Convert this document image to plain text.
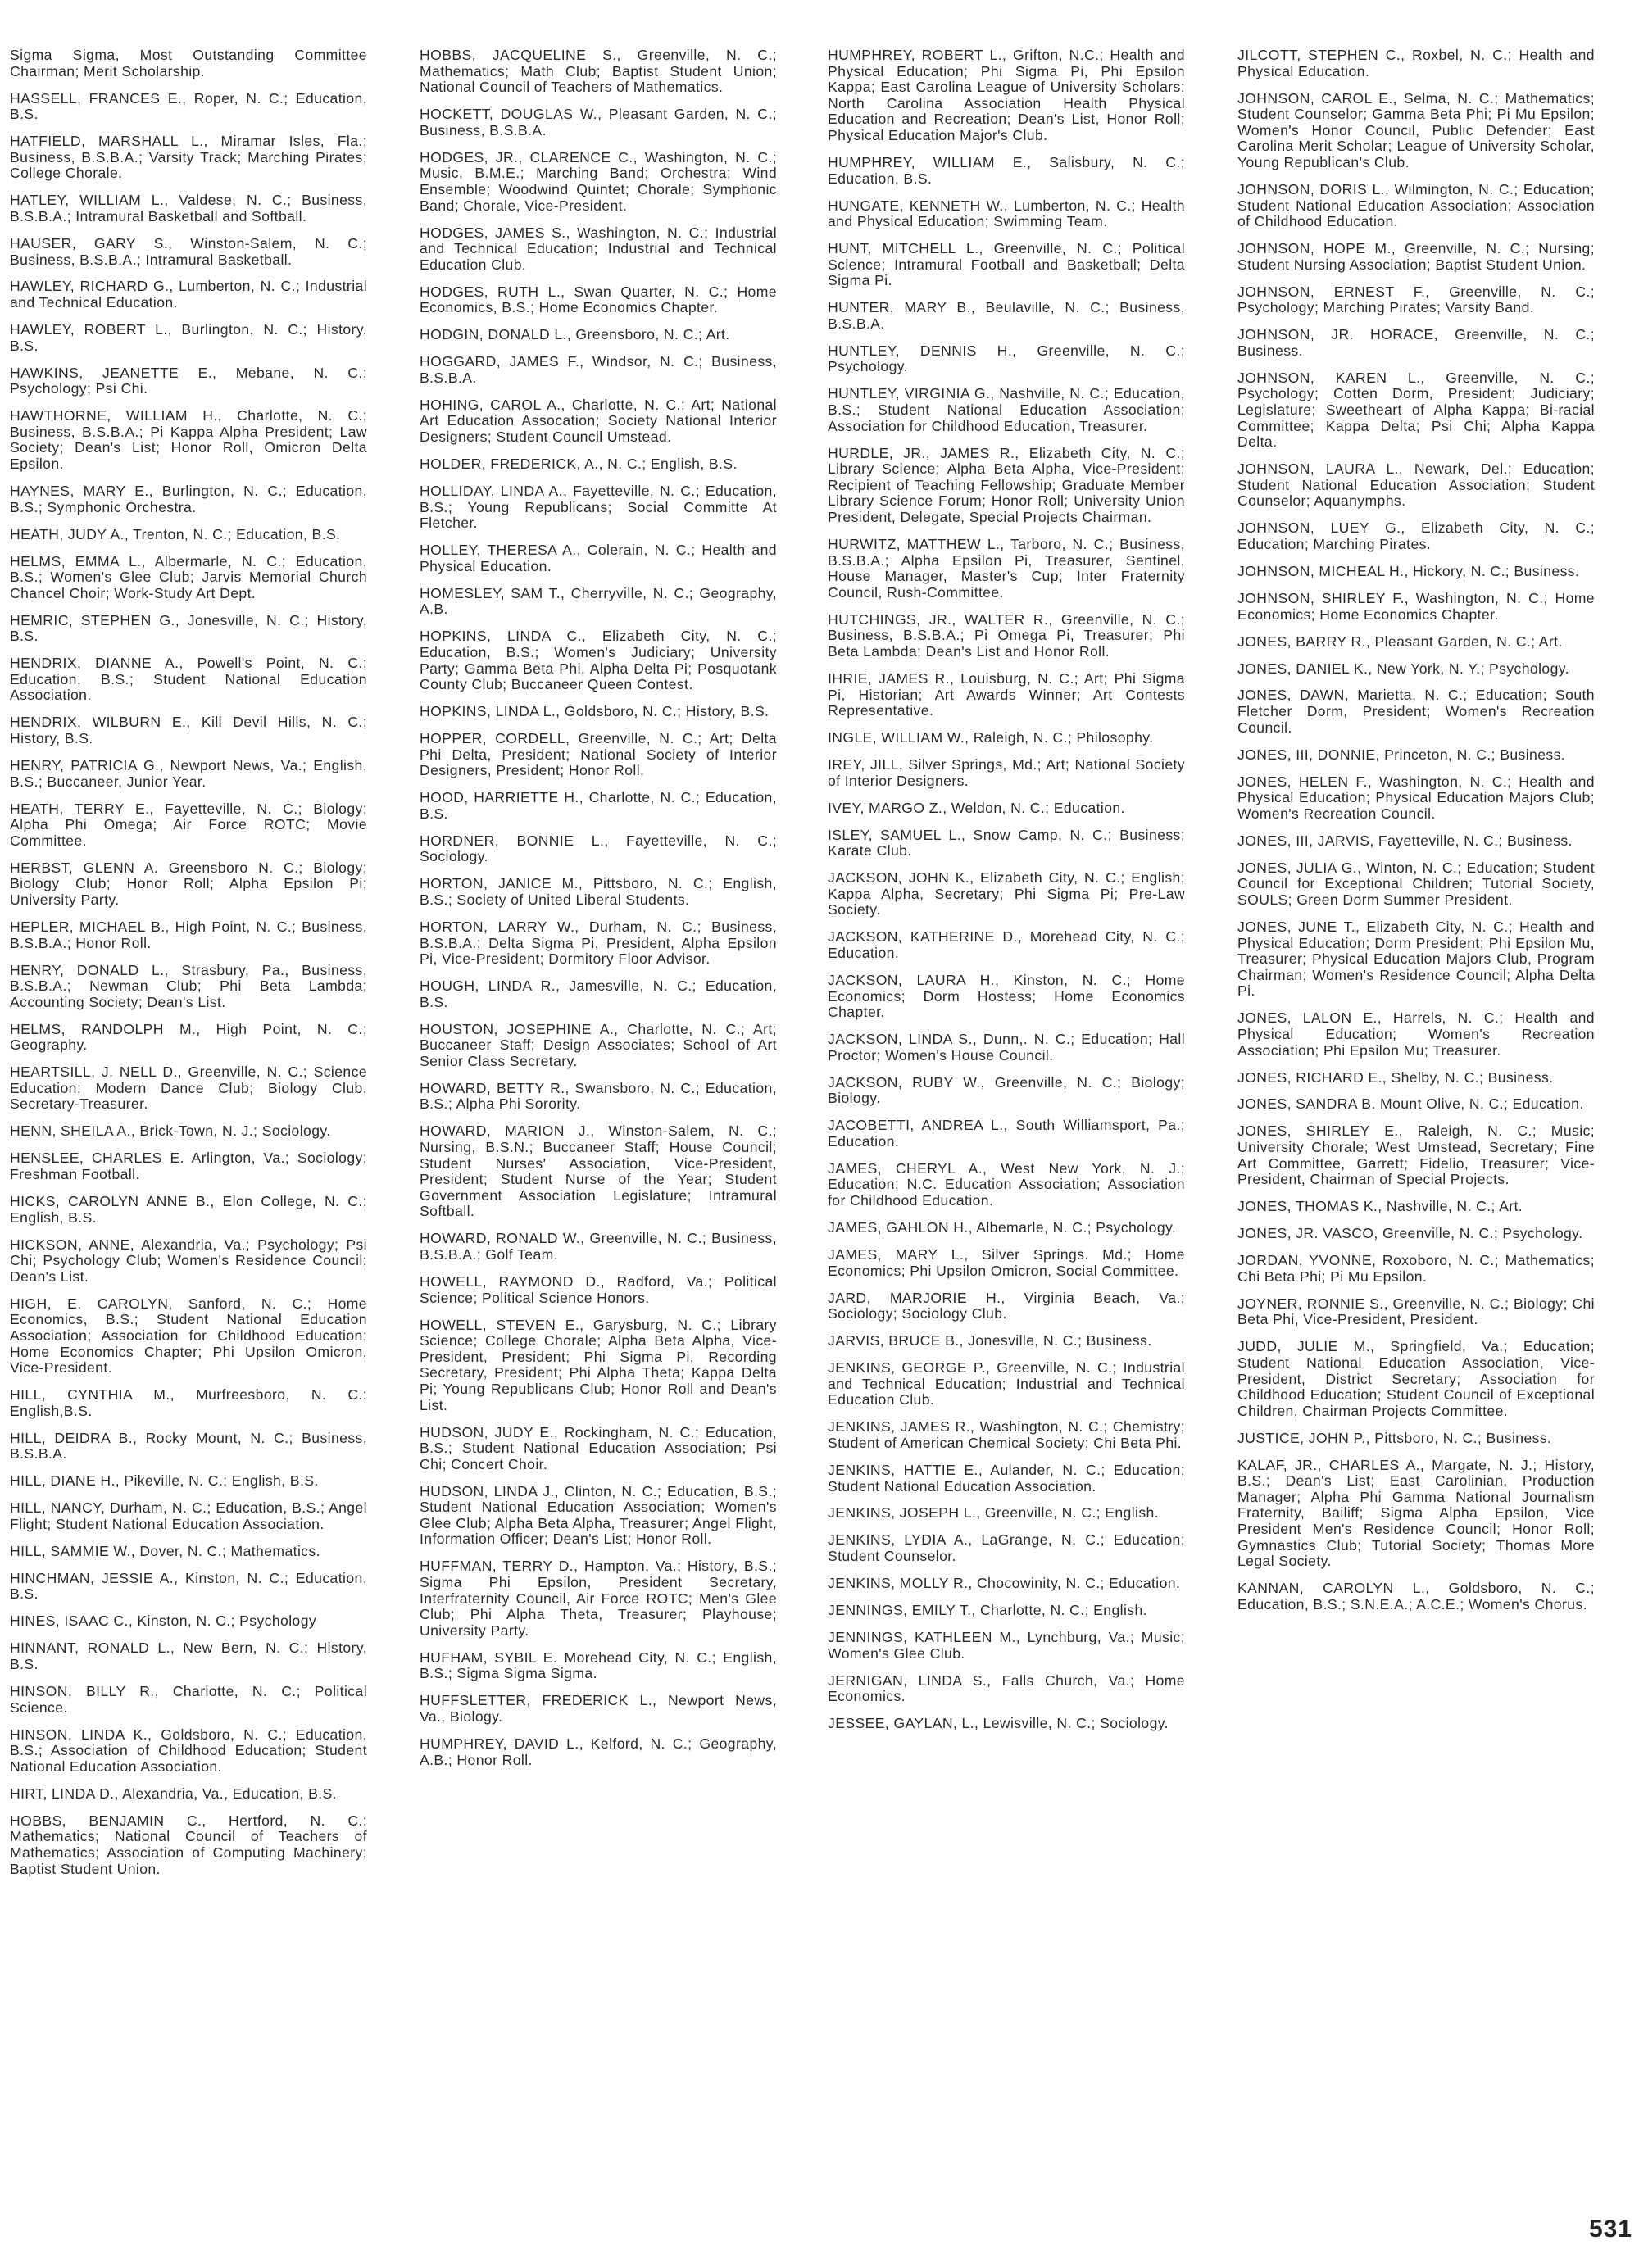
Sigma Sigma, Most Outstanding Committee Chairman; Merit Scholarship.

HASSELL, FRANCES E., Roper, N. C.; Education, B.S.

HATFIELD, MARSHALL L., Miramar Isles, Fla.; Business, B.S.B.A.; Varsity Track; Marching Pirates; College Chorale.

HATLEY, WILLIAM L., Valdese, N. C.; Business, B.S.B.A.; Intramural Basketball and Softball.

HAUSER, GARY S., Winston-Salem, N. C.; Business, B.S.B.A.; Intramural Basketball.

HAWLEY, RICHARD G., Lumberton, N. C.; Industrial and Technical Education.

HAWLEY, ROBERT L., Burlington, N. C.; History, B.S.

HAWKINS, JEANETTE E., Mebane, N. C.; Psychology; Psi Chi.

HAWTHORNE, WILLIAM H., Charlotte, N. C.; Business, B.S.B.A.; Pi Kappa Alpha President; Law Society; Dean's List; Honor Roll, Omicron Delta Epsilon.

HAYNES, MARY E., Burlington, N. C.; Education, B.S.; Symphonic Orchestra.

HEATH, JUDY A., Trenton, N. C.; Education, B.S.

HELMS, EMMA L., Albermarle, N. C.; Education, B.S.; Women's Glee Club; Jarvis Memorial Church Chancel Choir; Work-Study Art Dept.

HEMRIC, STEPHEN G., Jonesville, N. C.; History, B.S.

HENDRIX, DIANNE A., Powell's Point, N. C.; Education, B.S.; Student National Education Association.

HENDRIX, WILBURN E., Kill Devil Hills, N. C.; History, B.S.

HENRY, PATRICIA G., Newport News, Va.; English, B.S.; Buccaneer, Junior Year.

HEATH, TERRY E., Fayetteville, N. C.; Biology; Alpha Phi Omega; Air Force ROTC; Movie Committee.

HERBST, GLENN A. Greensboro N. C.; Biology; Biology Club; Honor Roll; Alpha Epsilon Pi; University Party.

HEPLER, MICHAEL B., High Point, N. C.; Business, B.S.B.A.; Honor Roll.

HENRY, DONALD L., Strasbury, Pa., Business, B.S.B.A.; Newman Club; Phi Beta Lambda; Accounting Society; Dean's List.

HELMS, RANDOLPH M., High Point, N. C.; Geography.

HEARTSILL, J. NELL D., Greenville, N. C.; Science Education; Modern Dance Club; Biology Club, Secretary-Treasurer.

HENN, SHEILA A., Brick-Town, N. J.; Sociology.

HENSLEE, CHARLES E. Arlington, Va.; Sociology; Freshman Football.

HICKS, CAROLYN ANNE B., Elon College, N. C.; English, B.S.

HICKSON, ANNE, Alexandria, Va.; Psychology; Psi Chi; Psychology Club; Women's Residence Council; Dean's List.

HIGH, E. CAROLYN, Sanford, N. C.; Home Economics, B.S.; Student National Education Association; Association for Childhood Education; Home Economics Chapter; Phi Upsilon Omicron, Vice-President.

HILL, CYNTHIA M., Murfreesboro, N. C.; English,B.S.

HILL, DEIDRA B., Rocky Mount, N. C.; Business, B.S.B.A.

HILL, DIANE H., Pikeville, N. C.; English, B.S.

HILL, NANCY, Durham, N. C.; Education, B.S.; Angel Flight; Student National Education Association.

HILL, SAMMIE W., Dover, N. C.; Mathematics.

HINCHMAN, JESSIE A., Kinston, N. C.; Education, B.S.

HINES, ISAAC C., Kinston, N. C.; Psychology

HINNANT, RONALD L., New Bern, N. C.; History, B.S.

HINSON, BILLY R., Charlotte, N. C.; Political Science.

HINSON, LINDA K., Goldsboro, N. C.; Education, B.S.; Association of Childhood Education; Student National Education Association.

HIRT, LINDA D., Alexandria, Va., Education, B.S.

HOBBS, BENJAMIN C., Hertford, N. C.; Mathematics; National Council of Teachers of Mathematics; Association of Computing Machinery; Baptist Student Union.

HOBBS, JACQUELINE S., Greenville, N. C.; Mathematics; Math Club; Baptist Student Union; National Council of Teachers of Mathematics.

HOCKETT, DOUGLAS W., Pleasant Garden, N. C.; Business, B.S.B.A.

HODGES, JR., CLARENCE C., Washington, N. C.; Music, B.M.E.; Marching Band; Orchestra; Wind Ensemble; Woodwind Quintet; Chorale; Symphonic Band; Chorale, Vice-President.

HODGES, JAMES S., Washington, N. C.; Industrial and Technical Education; Industrial and Technical Education Club.

HODGES, RUTH L., Swan Quarter, N. C.; Home Economics, B.S.; Home Economics Chapter.

HODGIN, DONALD L., Greensboro, N. C.; Art.

HOGGARD, JAMES F., Windsor, N. C.; Business, B.S.B.A.

HOHING, CAROL A., Charlotte, N. C.; Art; National Art Education Assocation; Society National Interior Designers; Student Council Umstead.

HOLDER, FREDERICK, A., N. C.; English, B.S.

HOLLIDAY, LINDA A., Fayetteville, N. C.; Education, B.S.; Young Republicans; Social Committe At Fletcher.

HOLLEY, THERESA A., Colerain, N. C.; Health and Physical Education.

HOMESLEY, SAM T., Cherryville, N. C.; Geography, A.B.

HOPKINS, LINDA C., Elizabeth City, N. C.; Education, B.S.; Women's Judiciary; University Party; Gamma Beta Phi, Alpha Delta Pi; Posquotank County Club; Buccaneer Queen Contest.

HOPKINS, LINDA L., Goldsboro, N. C.; History, B.S.

HOPPER, CORDELL, Greenville, N. C.; Art; Delta Phi Delta, President; National Society of Interior Designers, President; Honor Roll.

HOOD, HARRIETTE H., Charlotte, N. C.; Education, B.S.

HORDNER, BONNIE L., Fayetteville, N. C.; Sociology.

HORTON, JANICE M., Pittsboro, N. C.; English, B.S.; Society of United Liberal Students.

HORTON, LARRY W., Durham, N. C.; Business, B.S.B.A.; Delta Sigma Pi, President, Alpha Epsilon Pi, Vice-President; Dormitory Floor Advisor.

HOUGH, LINDA R., Jamesville, N. C.; Education, B.S.

HOUSTON, JOSEPHINE A., Charlotte, N. C.; Art; Buccaneer Staff; Design Associates; School of Art Senior Class Secretary.

HOWARD, BETTY R., Swansboro, N. C.; Education, B.S.; Alpha Phi Sorority.

HOWARD, MARION J., Winston-Salem, N. C.; Nursing, B.S.N.; Buccaneer Staff; House Council; Student Nurses' Association, Vice-President, President; Student Nurse of the Year; Student Government Association Legislature; Intramural Softball.

HOWARD, RONALD W., Greenville, N. C.; Business, B.S.B.A.; Golf Team.

HOWELL, RAYMOND D., Radford, Va.; Political Science; Political Science Honors.

HOWELL, STEVEN E., Garysburg, N. C.; Library Science; College Chorale; Alpha Beta Alpha, Vice-President, President; Phi Sigma Pi, Recording Secretary, President; Phi Alpha Theta; Kappa Delta Pi; Young Republicans Club; Honor Roll and Dean's List.

HUDSON, JUDY E., Rockingham, N. C.; Education, B.S.; Student National Education Association; Psi Chi; Concert Choir.

HUDSON, LINDA J., Clinton, N. C.; Education, B.S.; Student National Education Association; Women's Glee Club; Alpha Beta Alpha, Treasurer; Angel Flight, Information Officer; Dean's List; Honor Roll.

HUFFMAN, TERRY D., Hampton, Va.; History, B.S.; Sigma Phi Epsilon, President Secretary, Interfraternity Council, Air Force ROTC; Men's Glee Club; Phi Alpha Theta, Treasurer; Playhouse; University Party.

HUFHAM, SYBIL E. Morehead City, N. C.; English, B.S.; Sigma Sigma Sigma.

HUFFSLETTER, FREDERICK L., Newport News, Va., Biology.

HUMPHREY, DAVID L., Kelford, N. C.; Geography, A.B.; Honor Roll.

HUMPHREY, ROBERT L., Grifton, N.C.; Health and Physical Education; Phi Sigma Pi, Phi Epsilon Kappa; East Carolina League of University Scholars; North Carolina Association Health Physical Education and Recreation; Dean's List, Honor Roll; Physical Education Major's Club.

HUMPHREY, WILLIAM E., Salisbury, N. C.; Education, B.S.

HUNGATE, KENNETH W., Lumberton, N. C.; Health and Physical Education; Swimming Team.

HUNT, MITCHELL L., Greenville, N. C.; Political Science; Intramural Football and Basketball; Delta Sigma Pi.

HUNTER, MARY B., Beulaville, N. C.; Business, B.S.B.A.

HUNTLEY, DENNIS H., Greenville, N. C.; Psychology.

HUNTLEY, VIRGINIA G., Nashville, N. C.; Education, B.S.; Student National Education Association; Association for Childhood Education, Treasurer.

HURDLE, JR., JAMES R., Elizabeth City, N. C.; Library Science; Alpha Beta Alpha, Vice-President; Recipient of Teaching Fellowship; Graduate Member Library Science Forum; Honor Roll; University Union President, Delegate, Special Projects Chairman.

HURWITZ, MATTHEW L., Tarboro, N. C.; Business, B.S.B.A.; Alpha Epsilon Pi, Treasurer, Sentinel, House Manager, Master's Cup; Inter Fraternity Council, Rush-Committee.

HUTCHINGS, JR., WALTER R., Greenville, N. C.; Business, B.S.B.A.; Pi Omega Pi, Treasurer; Phi Beta Lambda; Dean's List and Honor Roll.

IHRIE, JAMES R., Louisburg, N. C.; Art; Phi Sigma Pi, Historian; Art Awards Winner; Art Contests Representative.

INGLE, WILLIAM W., Raleigh, N. C.; Philosophy.

IREY, JILL, Silver Springs, Md.; Art; National Society of Interior Designers.

IVEY, MARGO Z., Weldon, N. C.; Education.

ISLEY, SAMUEL L., Snow Camp, N. C.; Business; Karate Club.

JACKSON, JOHN K., Elizabeth City, N. C.; English; Kappa Alpha, Secretary; Phi Sigma Pi; Pre-Law Society.

JACKSON, KATHERINE D., Morehead City, N. C.; Education.

JACKSON, LAURA H., Kinston, N. C.; Home Economics; Dorm Hostess; Home Economics Chapter.

JACKSON, LINDA S., Dunn,. N. C.; Education; Hall Proctor; Women's House Council.

JACKSON, RUBY W., Greenville, N. C.; Biology; Biology.

JACOBETTI, ANDREA L., South Williamsport, Pa.; Education.

JAMES, CHERYL A., West New York, N. J.; Education; N.C. Education Association; Association for Childhood Education.

JAMES, GAHLON H., Albemarle, N. C.; Psychology.

JAMES, MARY L., Silver Springs. Md.; Home Economics; Phi Upsilon Omicron, Social Committee.

JARD, MARJORIE H., Virginia Beach, Va.; Sociology; Sociology Club.

JARVIS, BRUCE B., Jonesville, N. C.; Business.

JENKINS, GEORGE P., Greenville, N. C.; Industrial and Technical Education; Industrial and Technical Education Club.

JENKINS, JAMES R., Washington, N. C.; Chemistry; Student of American Chemical Society; Chi Beta Phi.

JENKINS, HATTIE E., Aulander, N. C.; Education; Student National Education Association.

JENKINS, JOSEPH L., Greenville, N. C.; English.

JENKINS, LYDIA A., LaGrange, N. C.; Education; Student Counselor.

JENKINS, MOLLY R., Chocowinity, N. C.; Education.

JENNINGS, EMILY T., Charlotte, N. C.; English.

JENNINGS, KATHLEEN M., Lynchburg, Va.; Music; Women's Glee Club.

JERNIGAN, LINDA S., Falls Church, Va.; Home Economics.

JESSEE, GAYLAN, L., Lewisville, N. C.; Sociology.

JILCOTT, STEPHEN C., Roxbel, N. C.; Health and Physical Education.

JOHNSON, CAROL E., Selma, N. C.; Mathematics; Student Counselor; Gamma Beta Phi; Pi Mu Epsilon; Women's Honor Council, Public Defender; East Carolina Merit Scholar; League of University Scholar, Young Republican's Club.

JOHNSON, DORIS L., Wilmington, N. C.; Education; Student National Education Association; Association of Childhood Education.

JOHNSON, HOPE M., Greenville, N. C.; Nursing; Student Nursing Association; Baptist Student Union.

JOHNSON, ERNEST F., Greenville, N. C.; Psychology; Marching Pirates; Varsity Band.

JOHNSON, JR. HORACE, Greenville, N. C.; Business.

JOHNSON, KAREN L., Greenville, N. C.; Psychology; Cotten Dorm, President; Judiciary; Legislature; Sweetheart of Alpha Kappa; Bi-racial Committee; Kappa Delta; Psi Chi; Alpha Kappa Delta.

JOHNSON, LAURA L., Newark, Del.; Education; Student National Education Association; Student Counselor; Aquanymphs.

JOHNSON, LUEY G., Elizabeth City, N. C.; Education; Marching Pirates.

JOHNSON, MICHEAL H., Hickory, N. C.; Business.

JOHNSON, SHIRLEY F., Washington, N. C.; Home Economics; Home Economics Chapter.

JONES, BARRY R., Pleasant Garden, N. C.; Art.

JONES, DANIEL K., New York, N. Y.; Psychology.

JONES, DAWN, Marietta, N. C.; Education; South Fletcher Dorm, President; Women's Recreation Council.

JONES, III, DONNIE, Princeton, N. C.; Business.

JONES, HELEN F., Washington, N. C.; Health and Physical Education; Physical Education Majors Club; Women's Recreation Council.

JONES, III, JARVIS, Fayetteville, N. C.; Business.

JONES, JULIA G., Winton, N. C.; Education; Student Council for Exceptional Children; Tutorial Society, SOULS; Green Dorm Summer President.

JONES, JUNE T., Elizabeth City, N. C.; Health and Physical Education; Dorm President; Phi Epsilon Mu, Treasurer; Physical Education Majors Club, Program Chairman; Women's Residence Council; Alpha Delta Pi.

JONES, LALON E., Harrels, N. C.; Health and Physical Education; Women's Recreation Association; Phi Epsilon Mu; Treasurer.

JONES, RICHARD E., Shelby, N. C.; Business.

JONES, SANDRA B. Mount Olive, N. C.; Education.

JONES, SHIRLEY E., Raleigh, N. C.; Music; University Chorale; West Umstead, Secretary; Fine Art Committee, Garrett; Fidelio, Treasurer; Vice-President, Chairman of Special Projects.

JONES, THOMAS K., Nashville, N. C.; Art.

JONES, JR. VASCO, Greenville, N. C.; Psychology.

JORDAN, YVONNE, Roxoboro, N. C.; Mathematics; Chi Beta Phi; Pi Mu Epsilon.

JOYNER, RONNIE S., Greenville, N. C.; Biology; Chi Beta Phi, Vice-President, President.

JUDD, JULIE M., Springfield, Va.; Education; Student National Education Association, Vice-President, District Secretary; Association for Childhood Education; Student Council of Exceptional Children, Chairman Projects Committee.

JUSTICE, JOHN P., Pittsboro, N. C.; Business.

KALAF, JR., CHARLES A., Margate, N. J.; History, B.S.; Dean's List; East Carolinian, Production Manager; Alpha Phi Gamma National Journalism Fraternity, Bailiff; Sigma Alpha Epsilon, Vice President Men's Residence Council; Honor Roll; Gymnastics Club; Tutorial Society; Thomas More Legal Society.

KANNAN, CAROLYN L., Goldsboro, N. C.; Education, B.S.; S.N.E.A.; A.C.E.; Women's Chorus.

531
